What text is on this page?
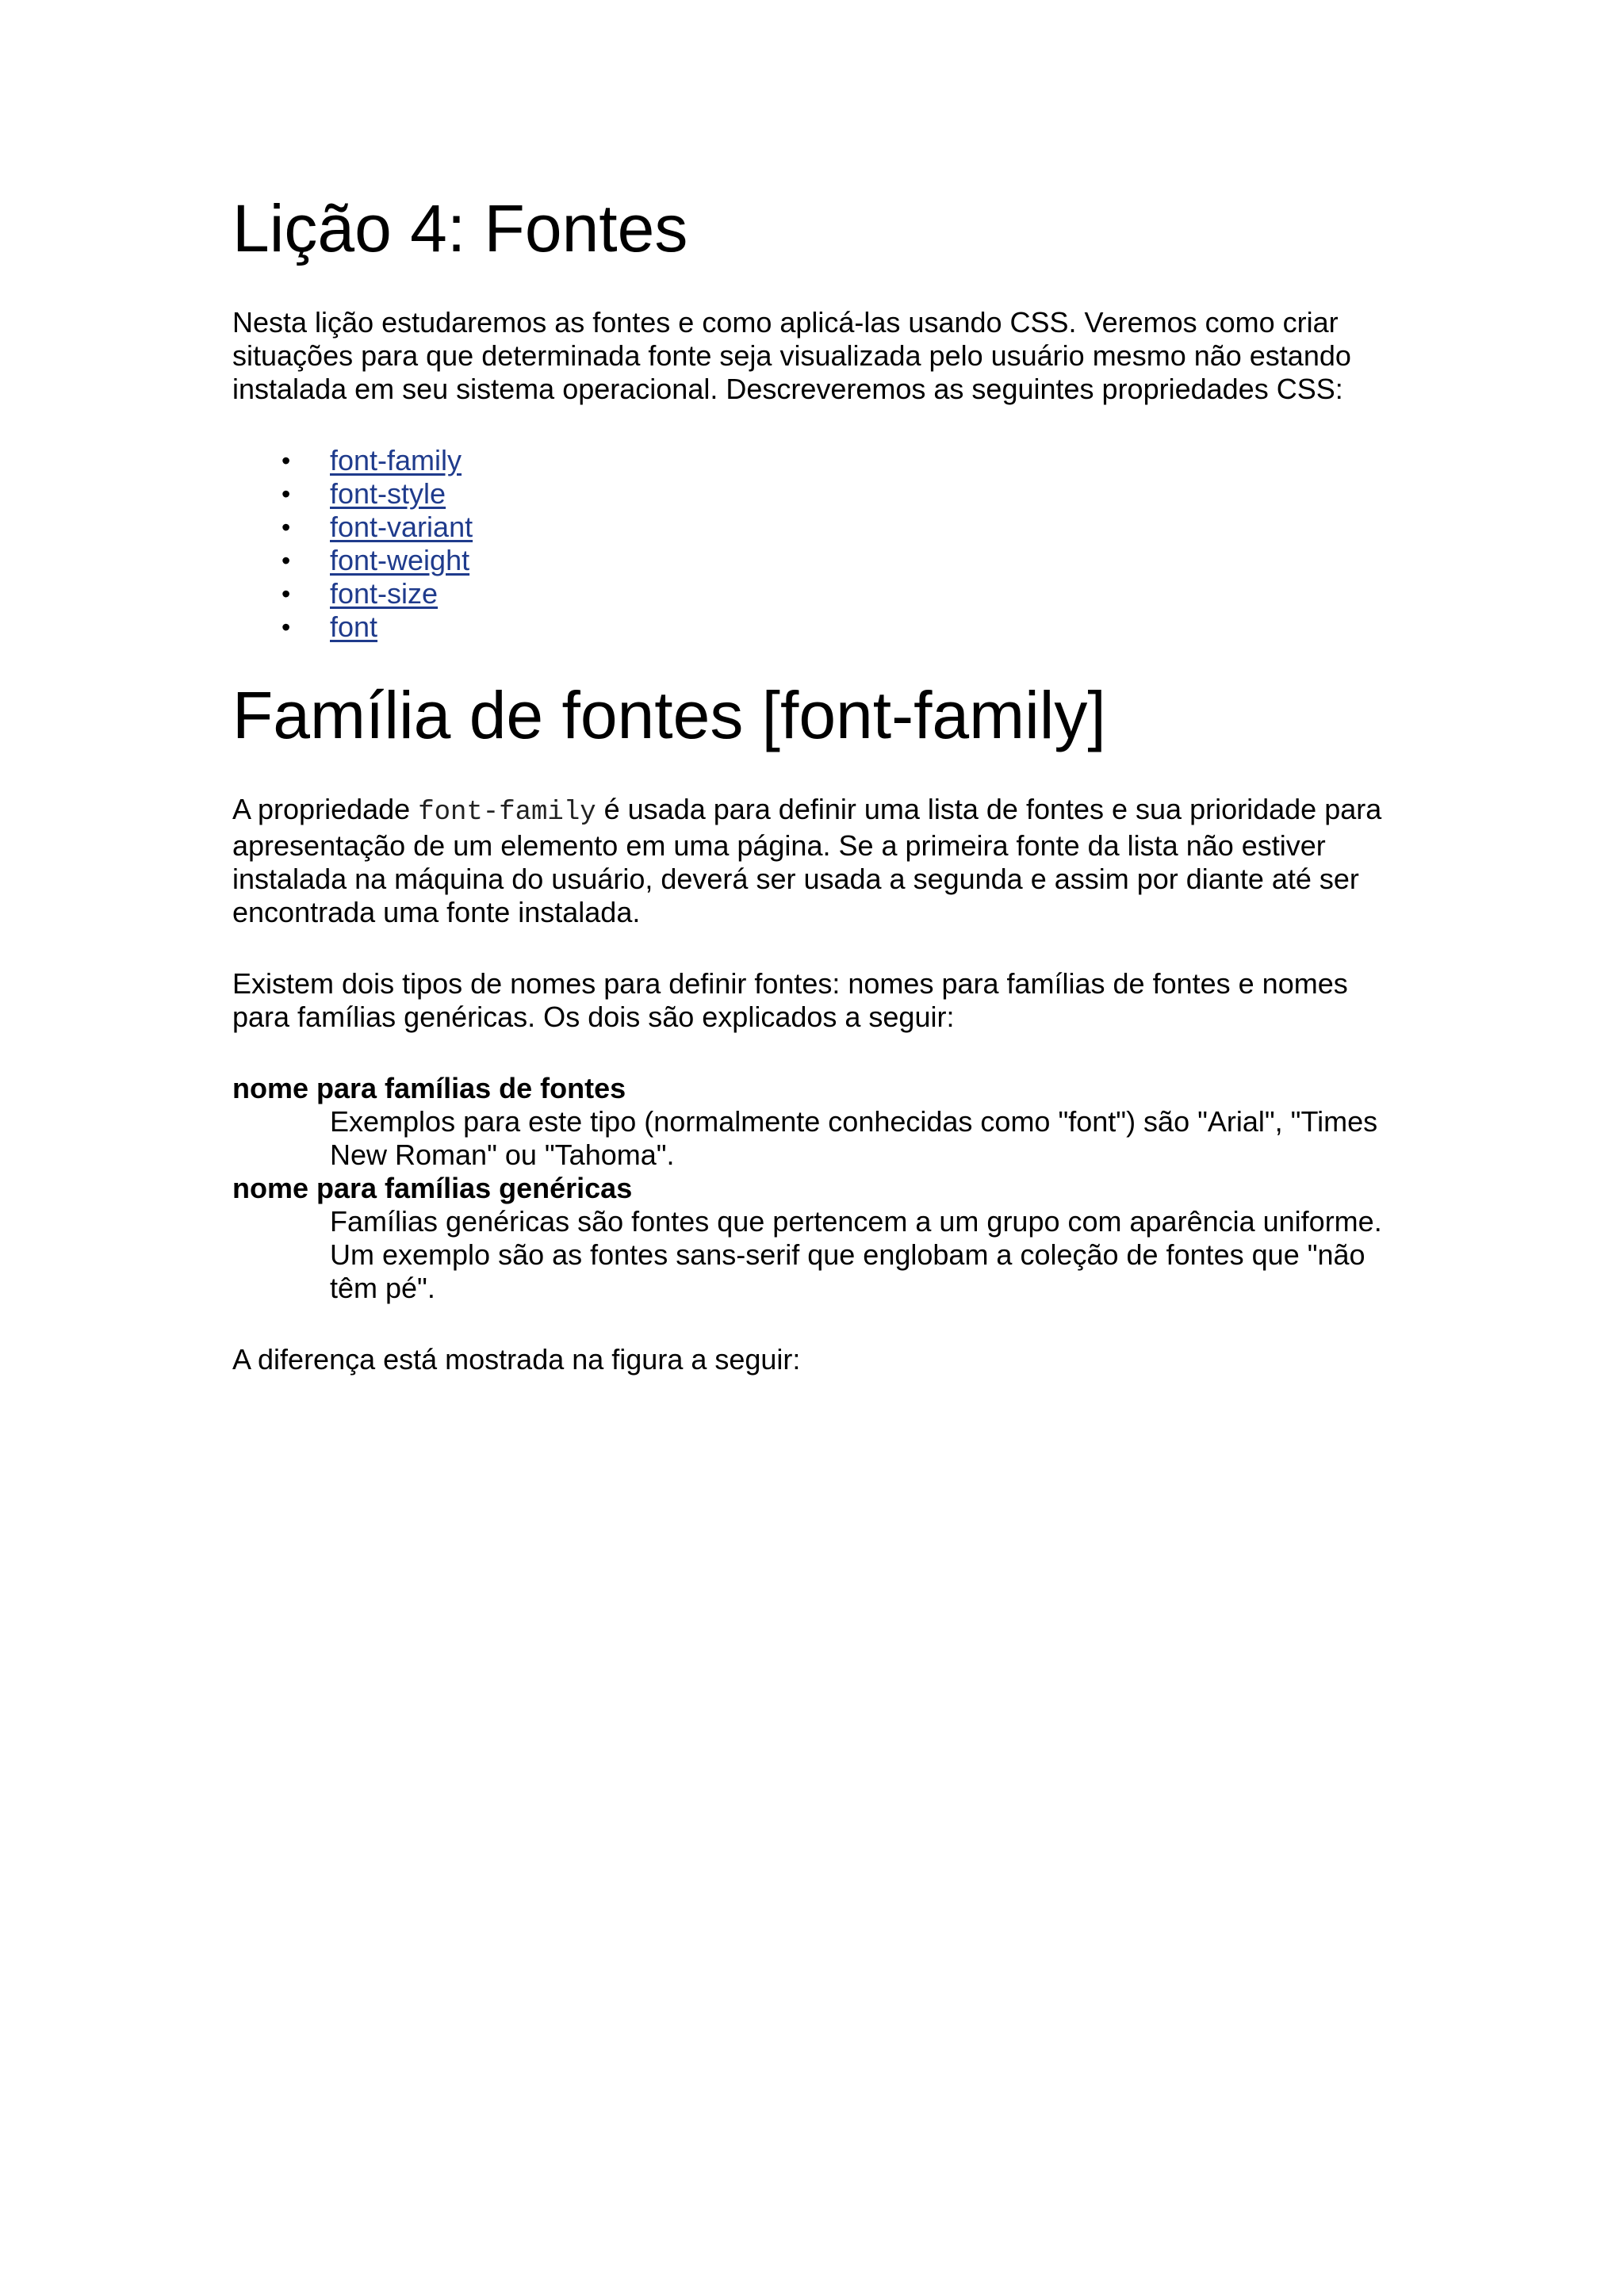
Lição 4: Fontes

Nesta lição estudaremos as fontes e como aplicá-las usando CSS. Veremos como criar situações para que determinada fonte seja visualizada pelo usuário mesmo não estando instalada em seu sistema operacional. Descreveremos as seguintes propriedades CSS:

• font-family
• font-style
• font-variant
• font-weight
• font-size
• font
Família de fontes [font-family]

A propriedade font-family é usada para definir uma lista de fontes e sua prioridade para apresentação de um elemento em uma página. Se a primeira fonte da lista não estiver instalada na máquina do usuário, deverá ser usada a segunda e assim por diante até ser encontrada uma fonte instalada.

Existem dois tipos de nomes para definir fontes: nomes para famílias de fontes e nomes para famílias genéricas. Os dois são explicados a seguir:

nome para famílias de fontes
Exemplos para este tipo (normalmente conhecidas como "font") são "Arial", "Times New Roman" ou "Tahoma".
nome para famílias genéricas
Famílias genéricas são fontes que pertencem a um grupo com aparência uniforme. Um exemplo são as fontes sans-serif que englobam a coleção de fontes que "não têm pé".

A diferença está mostrada na figura a seguir:
